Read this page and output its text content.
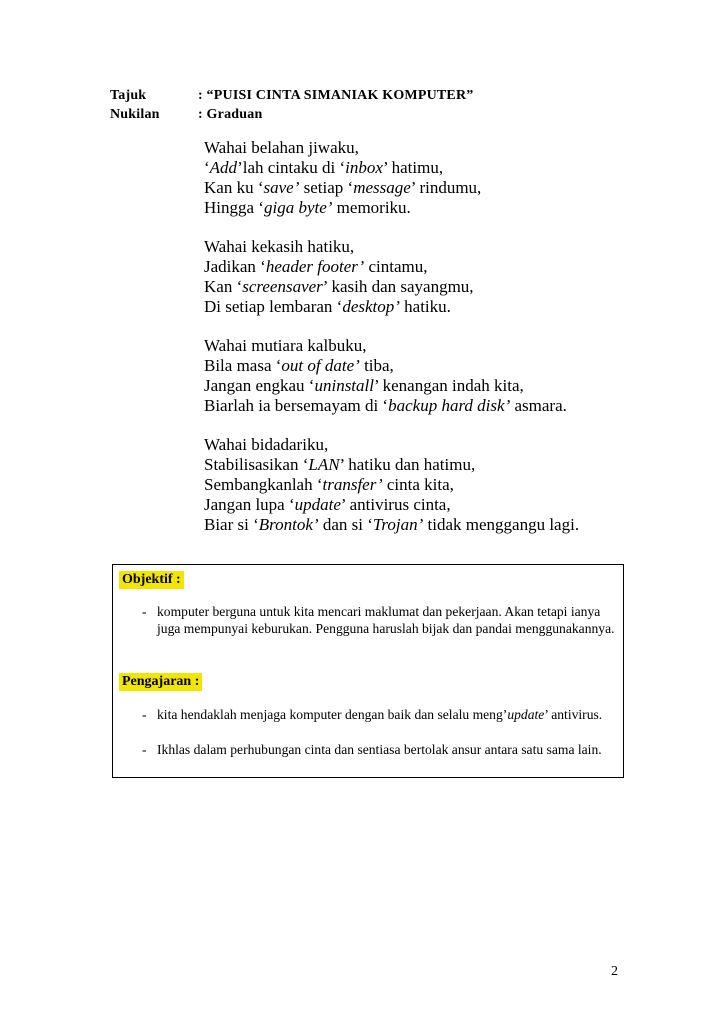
Tajuk	: “PUISI CINTA SIMANIAK KOMPUTER”
Nukilan	: Graduan
Wahai belahan jiwaku,
‘Add’lah cintaku di ‘inbox’ hatimu,
Kan ku ‘save’ setiap ‘message’ rindumu,
Hingga ‘giga byte’ memoriku.
Wahai kekasih hatiku,
Jadikan ‘header footer’ cintamu,
Kan ‘screensaver’ kasih dan sayangmu,
Di setiap lembaran ‘desktop’ hatiku.
Wahai mutiara kalbuku,
Bila masa ‘out of date’ tiba,
Jangan engkau ‘uninstall’ kenangan indah kita,
Biarlah ia bersemayam di ‘backup hard disk’ asmara.
Wahai bidadariku,
Stabilisasikan ‘LAN’ hatiku dan hatimu,
Sembangkanlah ‘transfer’ cinta kita,
Jangan lupa ‘update’ antivirus cinta,
Biar si ‘Brontok’ dan si ‘Trojan’ tidak menggangu lagi.
Objektif :
- komputer berguna untuk kita mencari maklumat dan pekerjaan. Akan tetapi ianya juga mempunyai keburukan. Pengguna haruslah bijak dan pandai menggunakannya.
Pengajaran :
- kita hendaklah menjaga komputer dengan baik dan selalu meng’update’ antivirus.
- Ikhlas dalam perhubungan cinta dan sentiasa bertolak ansur antara satu sama lain.
2
